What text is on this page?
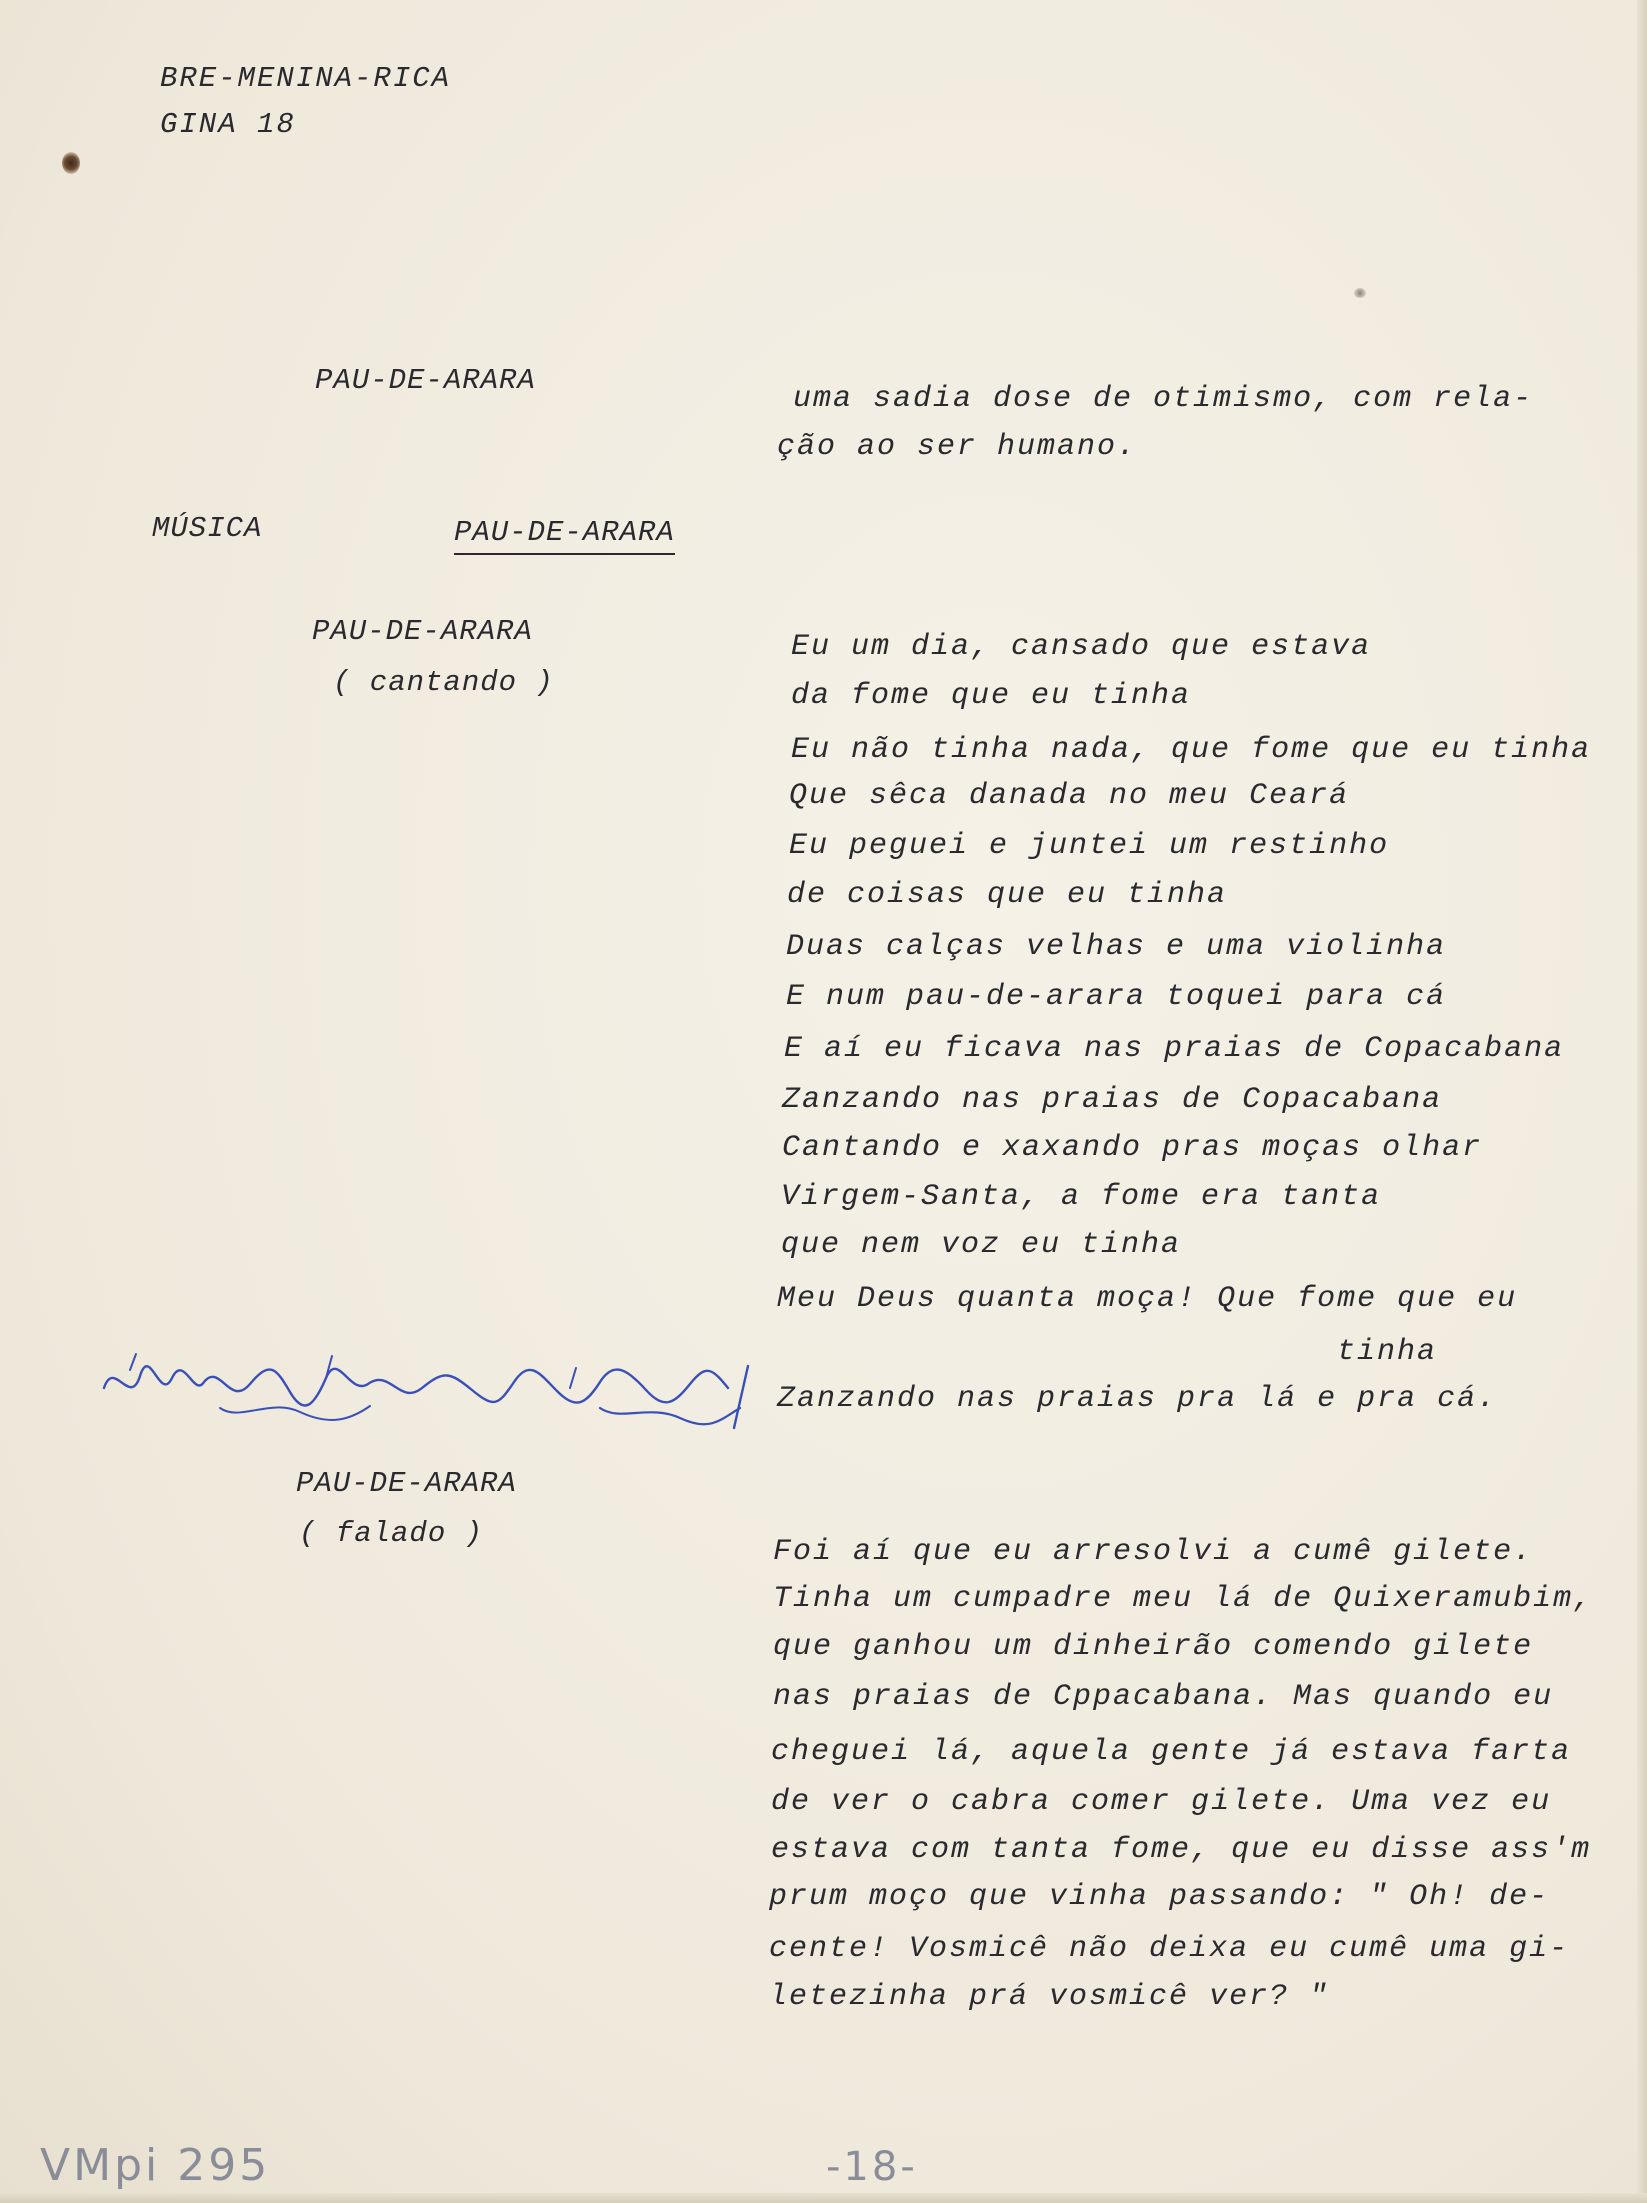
BRE-MENINA-RICA
GINA 18
PAU-DE-ARARA
uma sadia dose de otimismo, com rela-
ção ao ser humano.
MÚSICA	PAU-DE-ARARA
PAU-DE-ARARA
( cantando )
Eu um dia, cansado que estava
da fome que eu tinha
Eu não tinha nada, que fome que eu tinha
Que sêca danada no meu Ceará
Eu peguei e juntei um restinho
de coisas que eu tinha
Duas calças velhas e uma violinha
E num pau-de-arara toquei para cá
E aí eu ficava nas praias de Copacabana
Zanzando nas praias de Copacabana
Cantando e xaxando pras moças olhar
Virgem-Santa, a fome era tanta
que nem voz eu tinha
Meu Deus quanta moça! Que fome que eu
tinha
Zanzando nas praias pra lá e pra cá.
PAU-DE-ARARA
( falado )
Foi aí que eu arresolvi a cumê gilete.
Tinha um cumpadre meu lá de Quixeramubim,
que ganhou um dinheirão comendo gilete
nas praias de Cppacabana. Mas quando eu
cheguei lá, aquela gente já estava farta
de ver o cabra comer gilete. Uma vez eu
estava com tanta fome, que eu disse ass'm
prum moço que vinha passando: " Oh! de-
cente! Vosmicê não deixa eu cumê uma gi-
letezinha prá vosmicê ver? "
VMpi 295	-18-
